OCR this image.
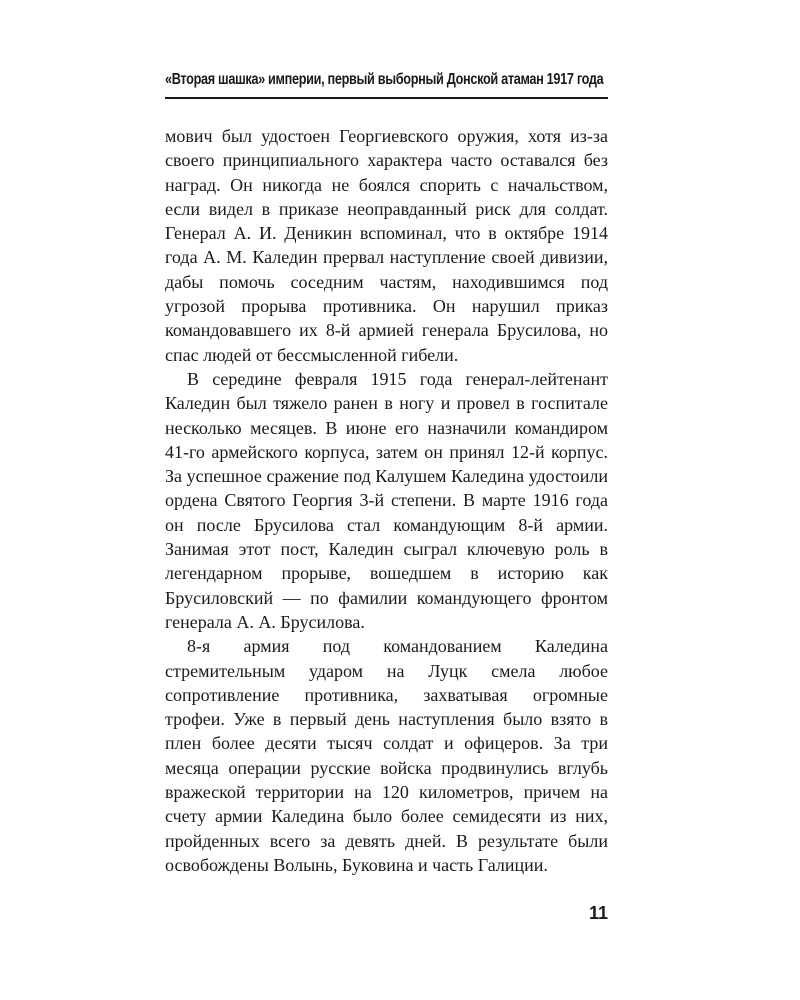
«Вторая шашка» империи, первый выборный Донской атаман 1917 года

мович был удостоен Георгиевского оружия, хотя из-за своего принципиального характера часто оставался без наград. Он никогда не боялся спорить с начальством, если видел в приказе неоправданный риск для солдат. Генерал А. И. Деникин вспоминал, что в октябре 1914 года А. М. Каледин прервал наступление своей дивизии, дабы помочь соседним частям, находившимся под угрозой прорыва противника. Он нарушил приказ командовавшего их 8-й армией генерала Брусилова, но спас людей от бессмысленной гибели.

В середине февраля 1915 года генерал-лейтенант Каледин был тяжело ранен в ногу и провел в госпитале несколько месяцев. В июне его назначили командиром 41-го армейского корпуса, затем он принял 12-й корпус. За успешное сражение под Калушем Каледина удостоили ордена Святого Георгия 3-й степени. В марте 1916 года он после Брусилова стал командующим 8-й армии. Занимая этот пост, Каледин сыграл ключевую роль в легендарном прорыве, вошедшем в историю как Брусиловский — по фамилии командующего фронтом генерала А. А. Брусилова.

8-я армия под командованием Каледина стремительным ударом на Луцк смела любое сопротивление противника, захватывая огромные трофеи. Уже в первый день наступления было взято в плен более десяти тысяч солдат и офицеров. За три месяца операции русские войска продвинулись вглубь вражеской территории на 120 километров, причем на счету армии Каледина было более семидесяти из них, пройденных всего за девять дней. В результате были освобождены Волынь, Буковина и часть Галиции.

11
